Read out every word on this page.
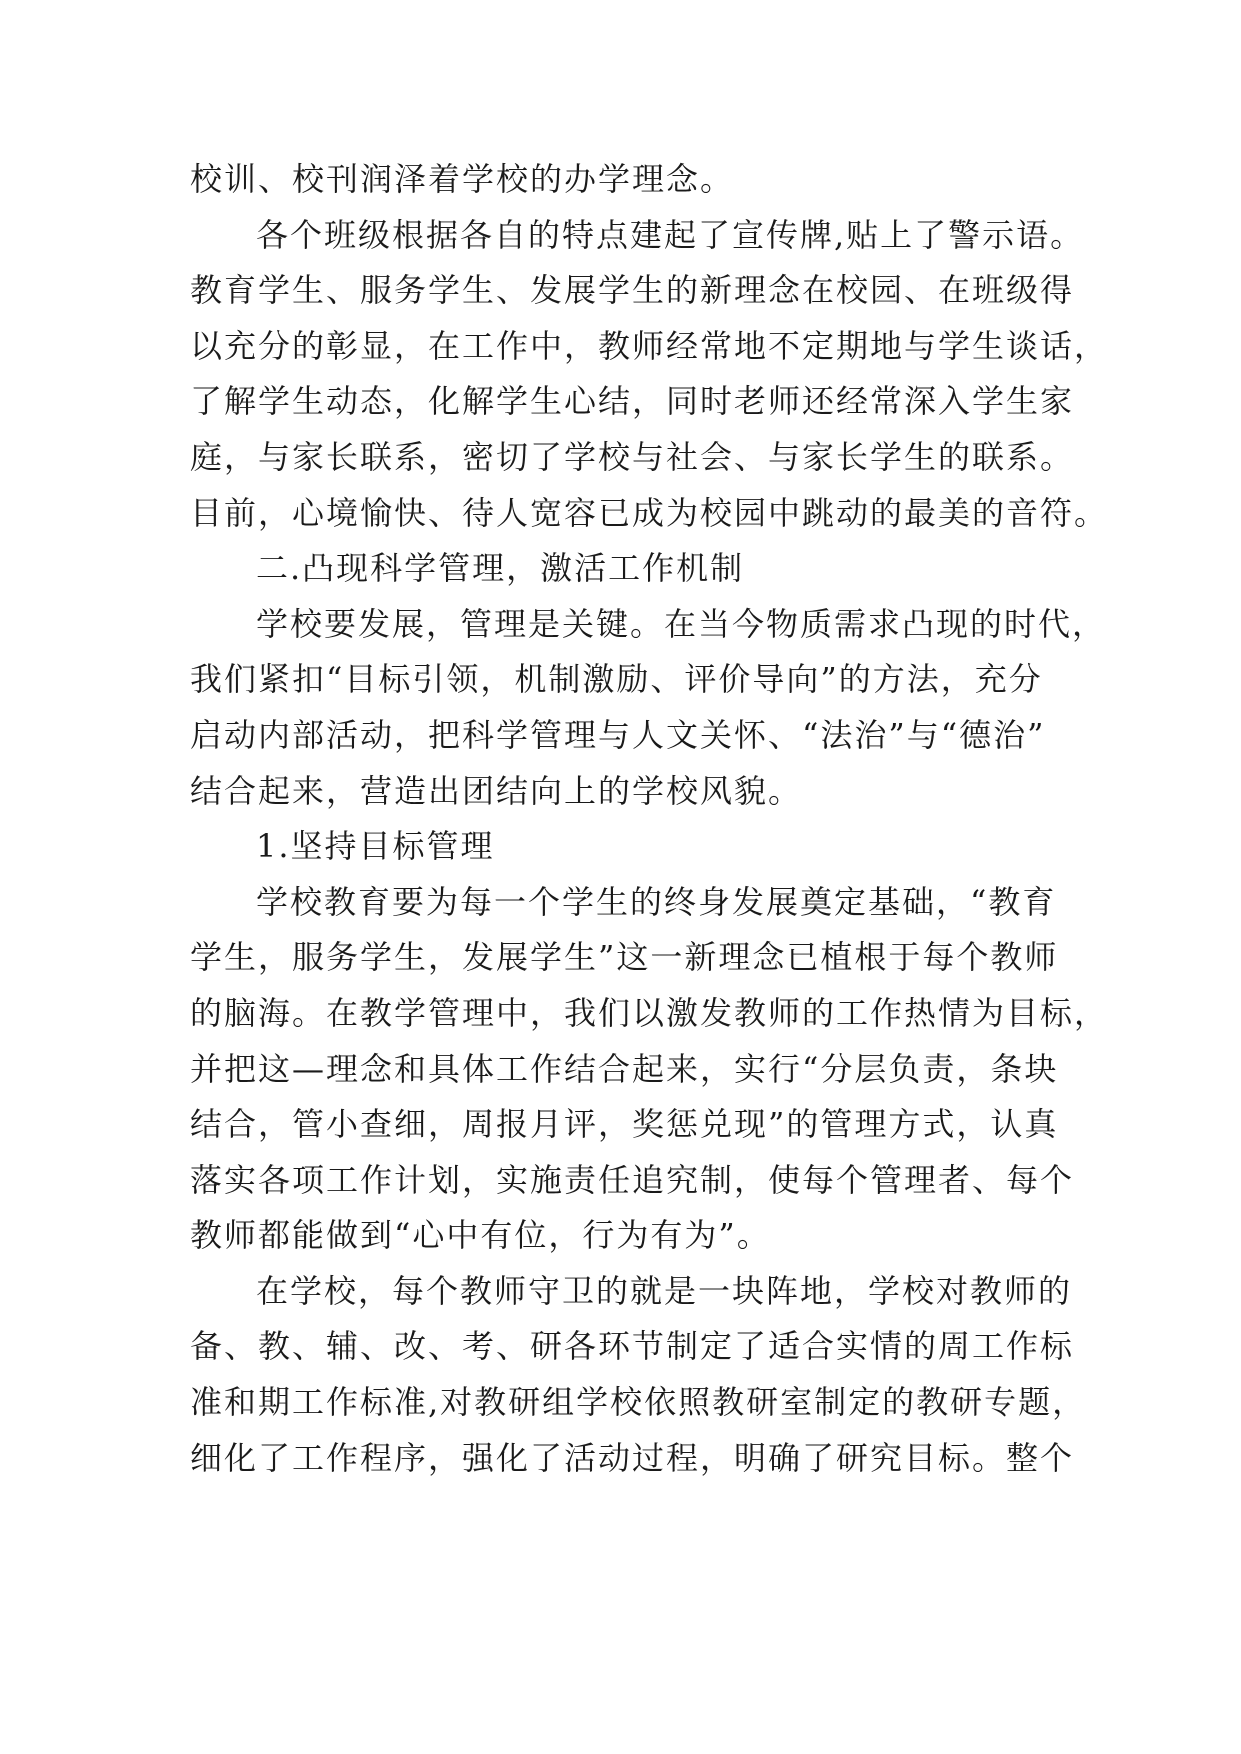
校训、校刊润泽着学校的办学理念。
各个班级根据各自的特点建起了宣传牌,贴上了警示语。
教育学生、服务学生、发展学生的新理念在校园、在班级得
以充分的彰显，在工作中，教师经常地不定期地与学生谈话，
了解学生动态，化解学生心结，同时老师还经常深入学生家
庭，与家长联系，密切了学校与社会、与家长学生的联系。
目前，心境愉快、待人宽容已成为校园中跳动的最美的音符。
二.凸现科学管理，激活工作机制
学校要发展，管理是关键。在当今物质需求凸现的时代，
我们紧扣“目标引领，机制激励、评价导向”的方法，充分
启动内部活动，把科学管理与人文关怀、“法治”与“德治”
结合起来，营造出团结向上的学校风貌。
1.坚持目标管理
学校教育要为每一个学生的终身发展奠定基础，“教育
学生，服务学生，发展学生”这一新理念已植根于每个教师
的脑海。在教学管理中，我们以激发教师的工作热情为目标，
并把这—理念和具体工作结合起来，实行“分层负责，条块
结合，管小查细，周报月评，奖惩兑现”的管理方式，认真
落实各项工作计划，实施责任追究制，使每个管理者、每个
教师都能做到“心中有位，行为有为”。
在学校，每个教师守卫的就是一块阵地，学校对教师的
备、教、辅、改、考、研各环节制定了适合实情的周工作标
准和期工作标准,对教研组学校依照教研室制定的教研专题，
细化了工作程序，强化了活动过程，明确了研究目标。整个
